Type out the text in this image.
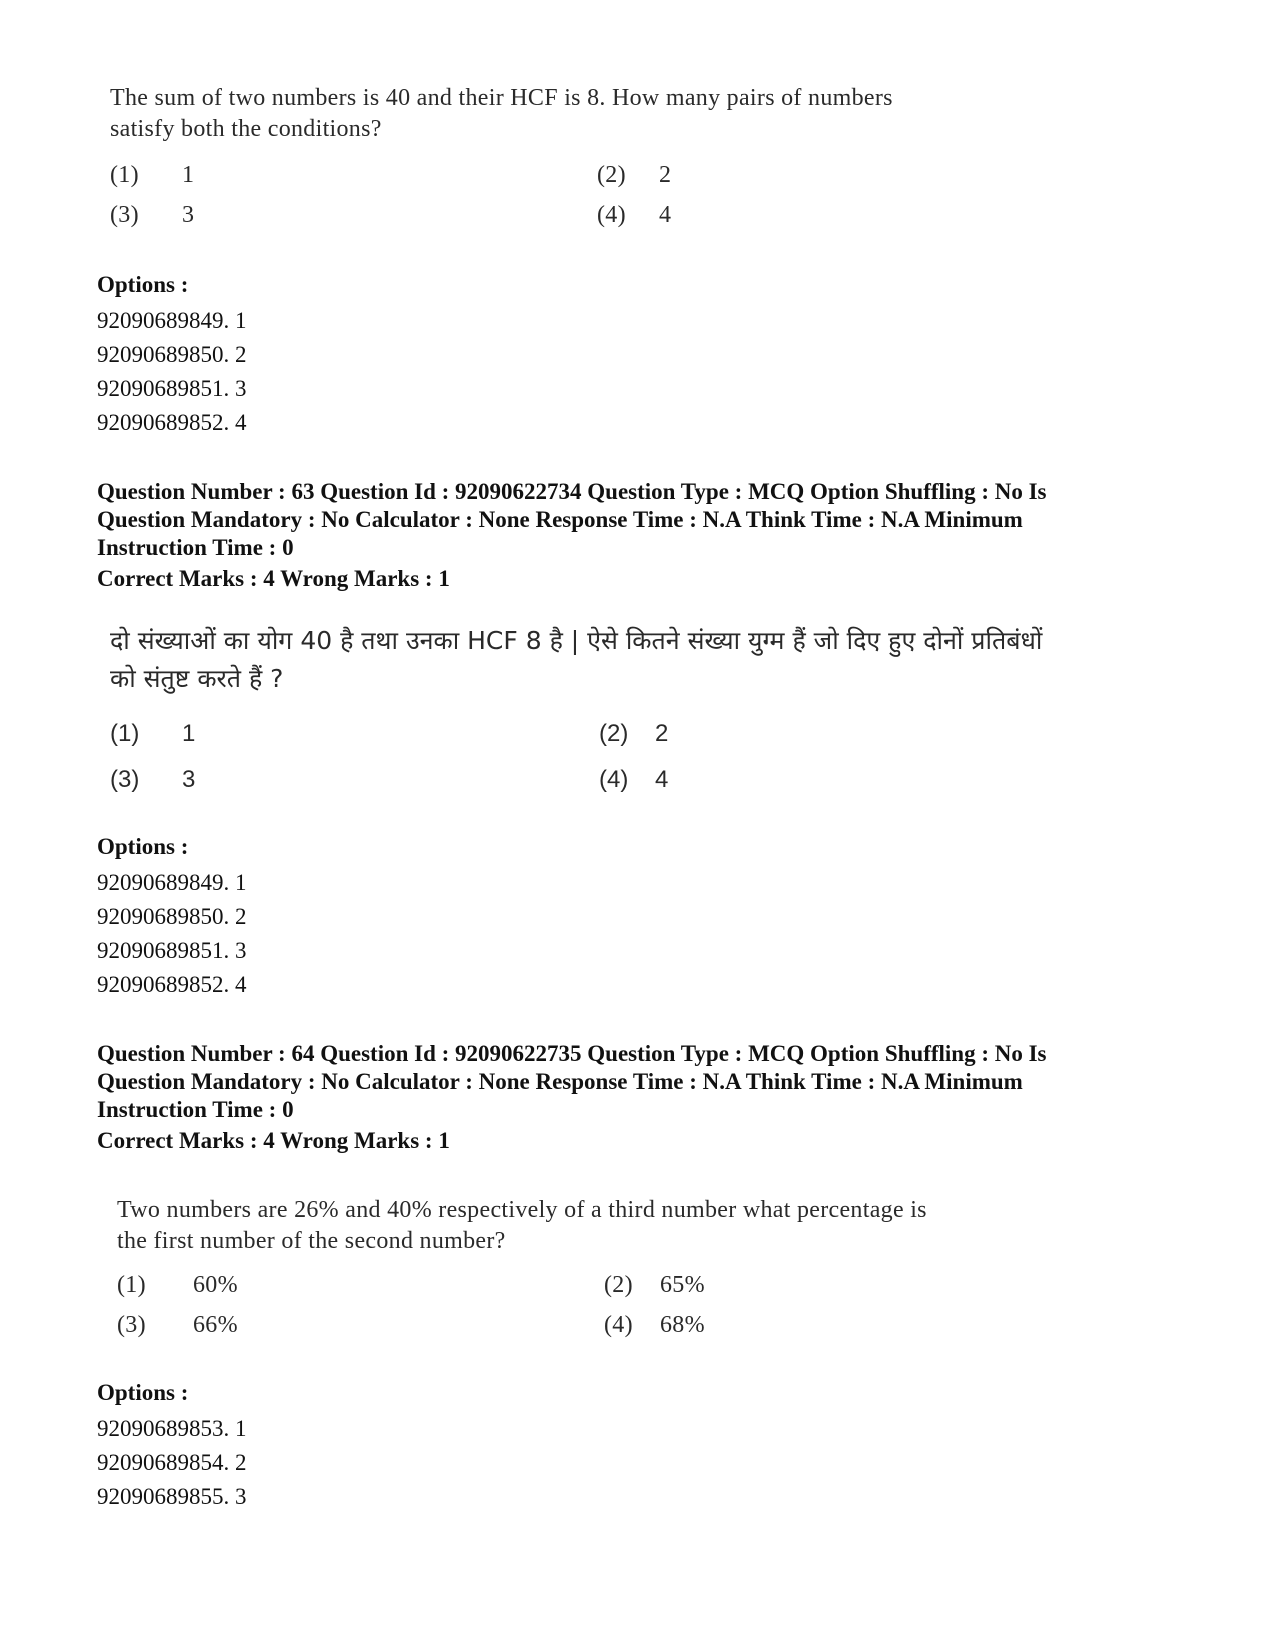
The sum of two numbers is 40 and their HCF is 8. How many pairs of numbers
satisfy both the conditions?
(1) 1	(2) 2
(3) 3	(4) 4
Options :
92090689849. 1
92090689850. 2
92090689851. 3
92090689852. 4
Question Number : 63 Question Id : 92090622734 Question Type : MCQ Option Shuffling : No Is
Question Mandatory : No Calculator : None Response Time : N.A Think Time : N.A Minimum
Instruction Time : 0
Correct Marks : 4 Wrong Marks : 1
दो संख्याओं का योग 40 है तथा उनका HCF 8 है | ऐसे कितने संख्या युग्म हैं जो दिए हुए दोनों प्रतिबंधों
को संतुष्ट करते हैं ?
(1) 1	(2) 2
(3) 3	(4) 4
Options :
92090689849. 1
92090689850. 2
92090689851. 3
92090689852. 4
Question Number : 64 Question Id : 92090622735 Question Type : MCQ Option Shuffling : No Is
Question Mandatory : No Calculator : None Response Time : N.A Think Time : N.A Minimum
Instruction Time : 0
Correct Marks : 4 Wrong Marks : 1
Two numbers are 26% and 40% respectively of a third number what percentage is
the first number of the second number?
(1) 60%	(2) 65%
(3) 66%	(4) 68%
Options :
92090689853. 1
92090689854. 2
92090689855. 3
